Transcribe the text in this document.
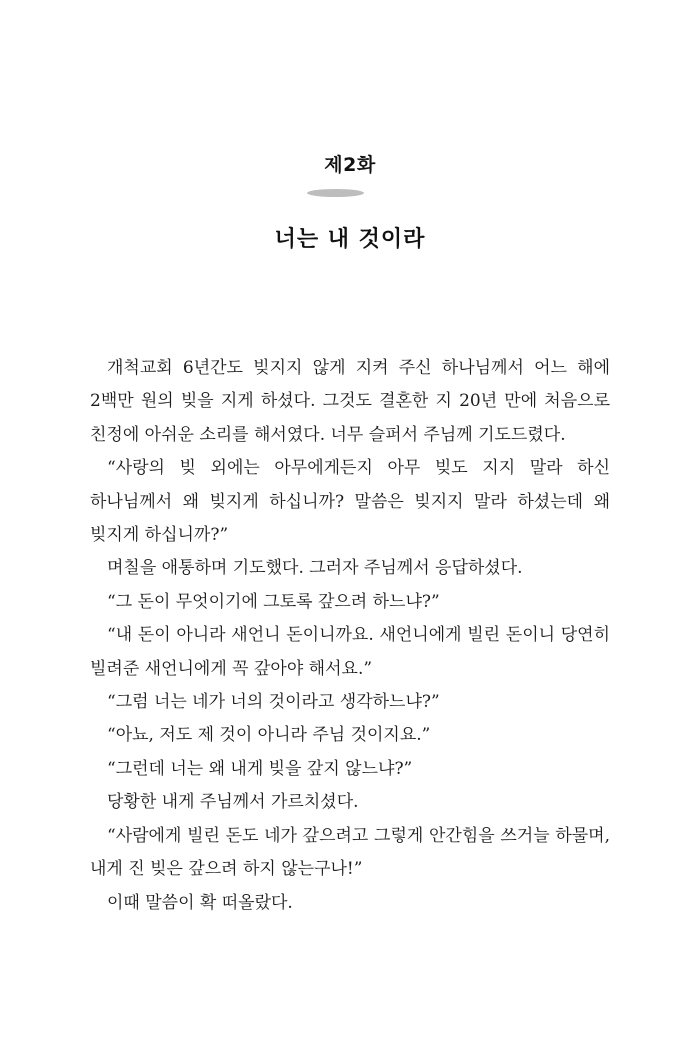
제2화
너는 내 것이라

개척교회 6년간도 빚지지 않게 지켜 주신 하나님께서 어느 해에 2백만 원의 빚을 지게 하셨다. 그것도 결혼한 지 20년 만에 처음으로 친정에 아쉬운 소리를 해서였다. 너무 슬퍼서 주님께 기도드렸다.

“사랑의 빚 외에는 아무에게든지 아무 빚도 지지 말라 하신 하나님께서 왜 빚지게 하십니까? 말씀은 빚지지 말라 하셨는데 왜 빚지게 하십니까?”

며칠을 애통하며 기도했다. 그러자 주님께서 응답하셨다.

“그 돈이 무엇이기에 그토록 갚으려 하느냐?”

“내 돈이 아니라 새언니 돈이니까요. 새언니에게 빌린 돈이니 당연히 빌려준 새언니에게 꼭 갚아야 해서요.”

“그럼 너는 네가 너의 것이라고 생각하느냐?”

“아뇨, 저도 제 것이 아니라 주님 것이지요.”

“그런데 너는 왜 내게 빚을 갚지 않느냐?”

당황한 내게 주님께서 가르치셨다.

“사람에게 빌린 돈도 네가 갚으려고 그렇게 안간힘을 쓰거늘 하물며, 내게 진 빚은 갚으려 하지 않는구나!”

이때 말씀이 확 떠올랐다.
